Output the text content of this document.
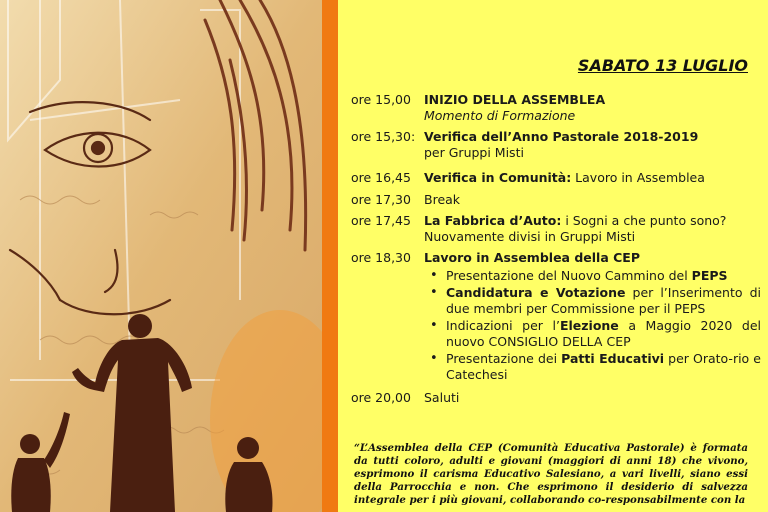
SABATO 13 LUGLIO
ore 15,00	INIZIO DELLA ASSEMBLEA
Momento di Formazione
ore 15,30: Verifica dell’Anno Pastorale 2018-2019
per Gruppi Misti
ore 16,45	Verifica in Comunità: Lavoro in Assemblea
ore 17,30	Break
ore 17,45	La Fabbrica d’Auto: i Sogni a che punto sono?
Nuovamente divisi in Gruppi Misti
ore 18,30	Lavoro in Assemblea della CEP
• Presentazione del Nuovo Cammino del PEPS
• Candidatura e Votazione per l’Inserimento di due membri per Commissione per il PEPS
• Indicazioni per l’Elezione a Maggio 2020 del nuovo CONSIGLIO DELLA CEP
• Presentazione dei Patti Educativi per Orato-rio e Catechesi
ore 20,00	Saluti
“L’Assemblea della CEP (Comunità Educativa Pastorale) è formata da tutti coloro, adulti e giovani (maggiori di anni 18) che vivono, esprimono il carisma Educativo Salesiano, a vari livelli, siano essi della Parrocchia e non. Che esprimono il desiderio di salvezza integrale per i più giovani, collaborando co-responsabilmente con la
